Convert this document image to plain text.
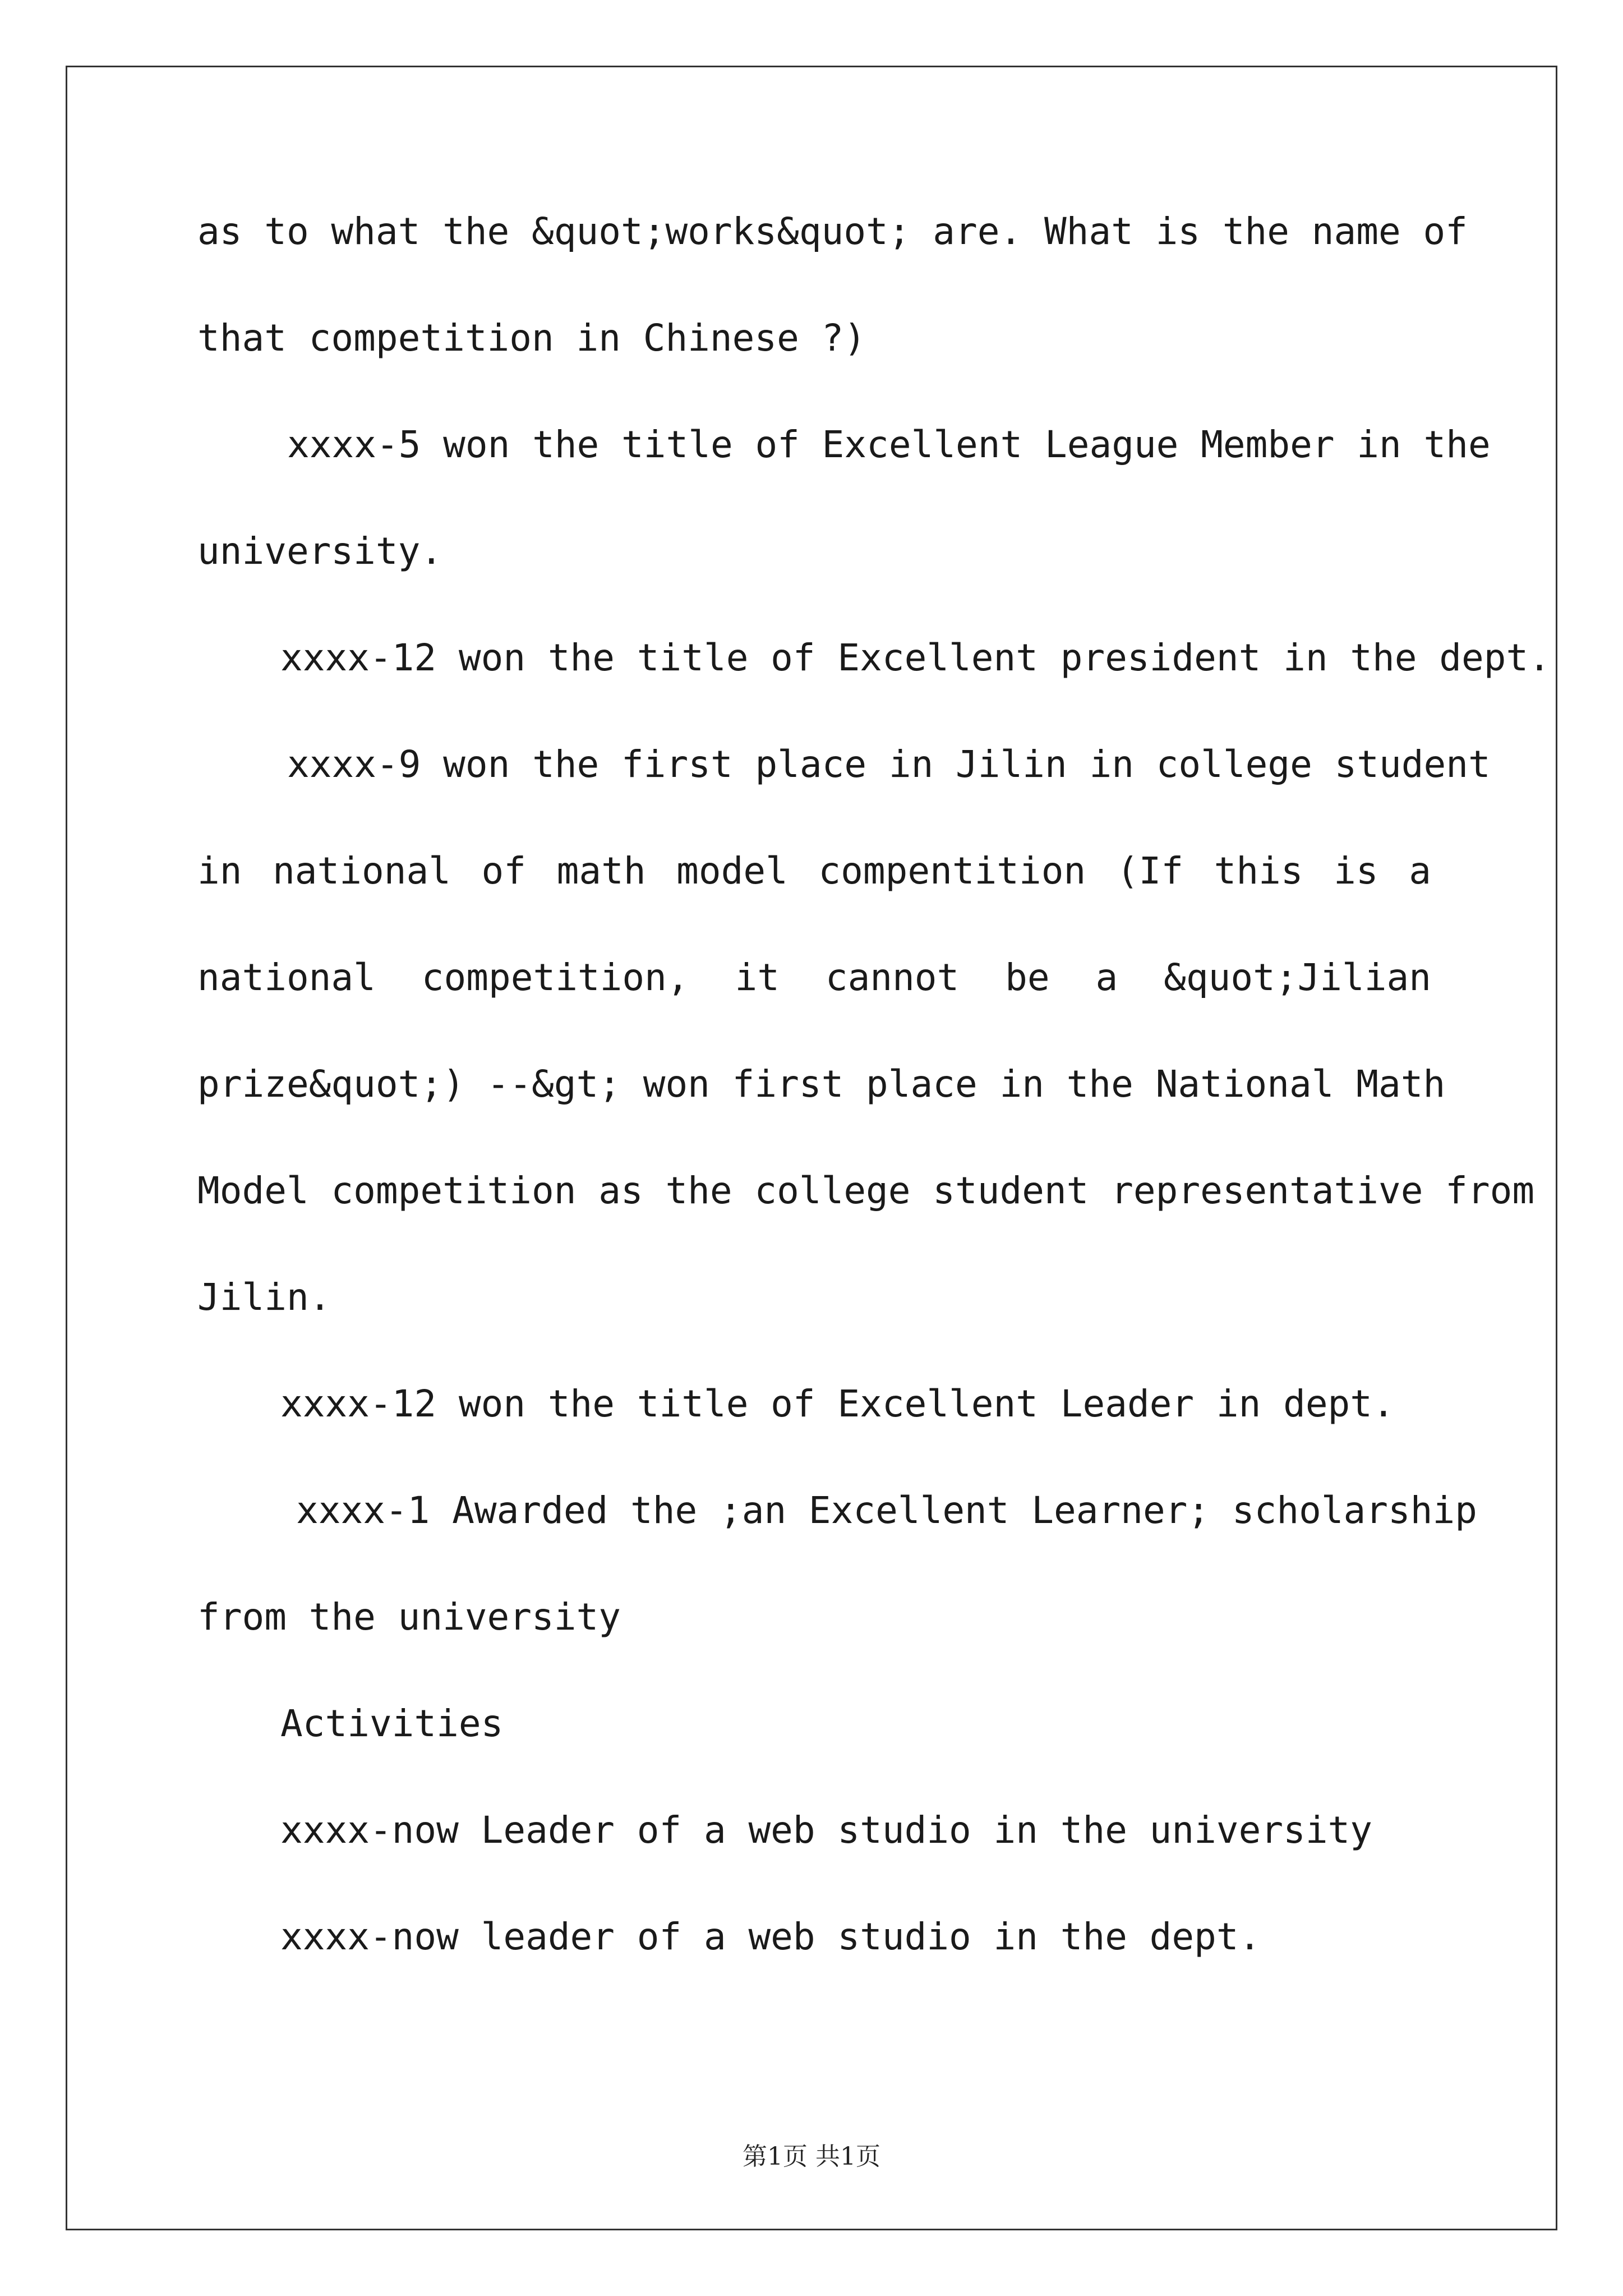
as to what the &quot;works&quot; are. What is the name of
that competition in Chinese ?)
xxxx-5 won the title of Excellent League Member in the
university.
xxxx-12 won the title of Excellent president in the dept.
xxxx-9 won the first place in Jilin in college student
in national of math model compentition (If this is a
national competition, it cannot be a &quot;Jilian
prize&quot;) --&gt; won first place in the National Math
Model competition as the college student representative from
Jilin.
xxxx-12 won the title of Excellent Leader in dept.
xxxx-1 Awarded the ;an Excellent Learner; scholarship
from the university
Activities
xxxx-now Leader of a web studio in the university
xxxx-now leader of a web studio in the dept.
第1页 共1页
